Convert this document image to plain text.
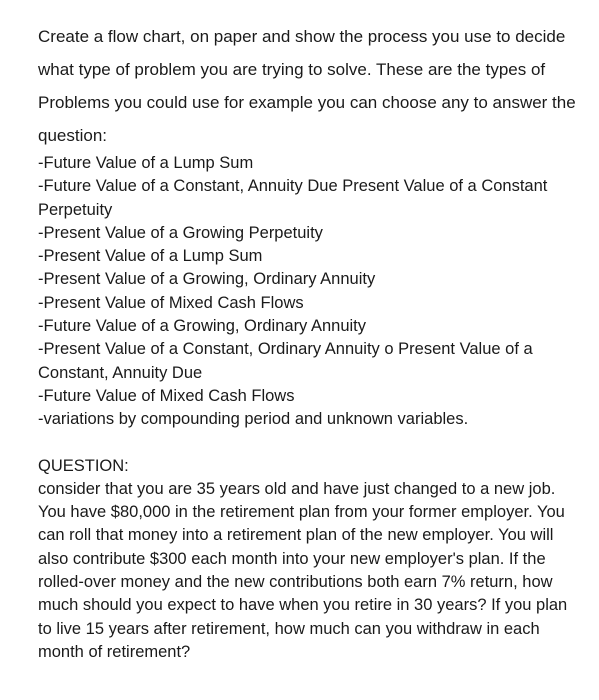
Create a flow chart, on paper and show the process you use to decide what type of problem you are trying to solve. These are the types of Problems you could use for example you can choose any to answer the question:

-Future Value of a Lump Sum
-Future Value of a Constant, Annuity Due Present Value of a Constant Perpetuity
-Present Value of a Growing Perpetuity
-Present Value of a Lump Sum
-Present Value of a Growing, Ordinary Annuity
-Present Value of Mixed Cash Flows
-Future Value of a Growing, Ordinary Annuity
-Present Value of a Constant, Ordinary Annuity o Present Value of a Constant, Annuity Due
-Future Value of Mixed Cash Flows
-variations by compounding period and unknown variables.
QUESTION:

consider that you are 35 years old and have just changed to a new job. You have $80,000 in the retirement plan from your former employer. You can roll that money into a retirement plan of the new employer. You will also contribute $300 each month into your new employer's plan. If the rolled-over money and the new contributions both earn 7% return, how much should you expect to have when you retire in 30 years? If you plan to live 15 years after retirement, how much can you withdraw in each month of retirement?
